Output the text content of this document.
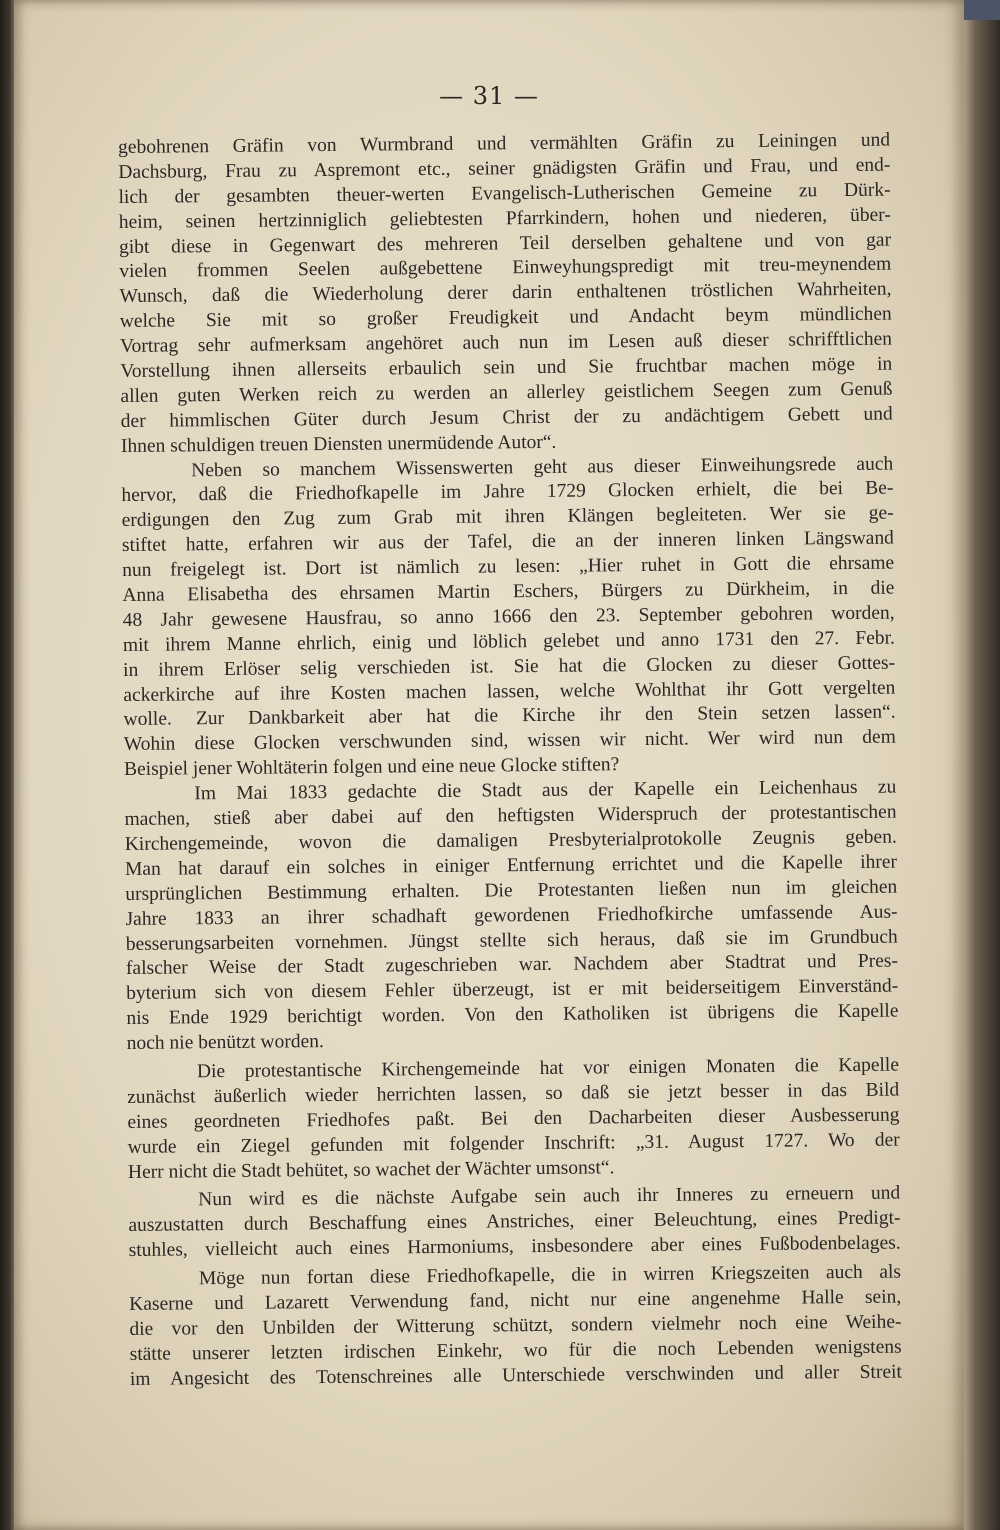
— 31 —
gebohrenen Gräfin von Wurmbrand und vermählten Gräfin zu Leiningen und
Dachsburg, Frau zu Aspremont etc., seiner gnädigsten Gräfin und Frau, und end-
lich der gesambten theuer-werten Evangelisch-Lutherischen Gemeine zu Dürk-
heim, seinen hertzinniglich geliebtesten Pfarrkindern, hohen und niederen, über-
gibt diese in Gegenwart des mehreren Teil derselben gehaltene und von gar
vielen frommen Seelen außgebettene Einweyhungspredigt mit treu-meynendem
Wunsch, daß die Wiederholung derer darin enthaltenen tröstlichen Wahrheiten,
welche Sie mit so großer Freudigkeit und Andacht beym mündlichen
Vortrag sehr aufmerksam angehöret auch nun im Lesen auß dieser schrifftlichen
Vorstellung ihnen allerseits erbaulich sein und Sie fruchtbar machen möge in
allen guten Werken reich zu werden an allerley geistlichem Seegen zum Genuß
der himmlischen Güter durch Jesum Christ der zu andächtigem Gebett und
Ihnen schuldigen treuen Diensten unermüdende Autor“.
Neben so manchem Wissenswerten geht aus dieser Einweihungsrede auch
hervor, daß die Friedhofkapelle im Jahre 1729 Glocken erhielt, die bei Be-
erdigungen den Zug zum Grab mit ihren Klängen begleiteten. Wer sie ge-
stiftet hatte, erfahren wir aus der Tafel, die an der inneren linken Längswand
nun freigelegt ist. Dort ist nämlich zu lesen: „Hier ruhet in Gott die ehrsame
Anna Elisabetha des ehrsamen Martin Eschers, Bürgers zu Dürkheim, in die
48 Jahr gewesene Hausfrau, so anno 1666 den 23. September gebohren worden,
mit ihrem Manne ehrlich, einig und löblich gelebet und anno 1731 den 27. Febr.
in ihrem Erlöser selig verschieden ist. Sie hat die Glocken zu dieser Gottes-
ackerkirche auf ihre Kosten machen lassen, welche Wohlthat ihr Gott vergelten
wolle. Zur Dankbarkeit aber hat die Kirche ihr den Stein setzen lassen“.
Wohin diese Glocken verschwunden sind, wissen wir nicht. Wer wird nun dem
Beispiel jener Wohltäterin folgen und eine neue Glocke stiften?
Im Mai 1833 gedachte die Stadt aus der Kapelle ein Leichenhaus zu
machen, stieß aber dabei auf den heftigsten Widerspruch der protestantischen
Kirchengemeinde, wovon die damaligen Presbyterialprotokolle Zeugnis geben.
Man hat darauf ein solches in einiger Entfernung errichtet und die Kapelle ihrer
ursprünglichen Bestimmung erhalten. Die Protestanten ließen nun im gleichen
Jahre 1833 an ihrer schadhaft gewordenen Friedhofkirche umfassende Aus-
besserungsarbeiten vornehmen. Jüngst stellte sich heraus, daß sie im Grundbuch
falscher Weise der Stadt zugeschrieben war. Nachdem aber Stadtrat und Pres-
byterium sich von diesem Fehler überzeugt, ist er mit beiderseitigem Einverständ-
nis Ende 1929 berichtigt worden. Von den Katholiken ist übrigens die Kapelle
noch nie benützt worden.
Die protestantische Kirchengemeinde hat vor einigen Monaten die Kapelle
zunächst äußerlich wieder herrichten lassen, so daß sie jetzt besser in das Bild
eines geordneten Friedhofes paßt. Bei den Dacharbeiten dieser Ausbesserung
wurde ein Ziegel gefunden mit folgender Inschrift: „31. August 1727. Wo der
Herr nicht die Stadt behütet, so wachet der Wächter umsonst“.
Nun wird es die nächste Aufgabe sein auch ihr Inneres zu erneuern und
auszustatten durch Beschaffung eines Anstriches, einer Beleuchtung, eines Predigt-
stuhles, vielleicht auch eines Harmoniums, insbesondere aber eines Fußbodenbelages.
Möge nun fortan diese Friedhofkapelle, die in wirren Kriegszeiten auch als
Kaserne und Lazarett Verwendung fand, nicht nur eine angenehme Halle sein,
die vor den Unbilden der Witterung schützt, sondern vielmehr noch eine Weihe-
stätte unserer letzten irdischen Einkehr, wo für die noch Lebenden wenigstens
im Angesicht des Totenschreines alle Unterschiede verschwinden und aller Streit
